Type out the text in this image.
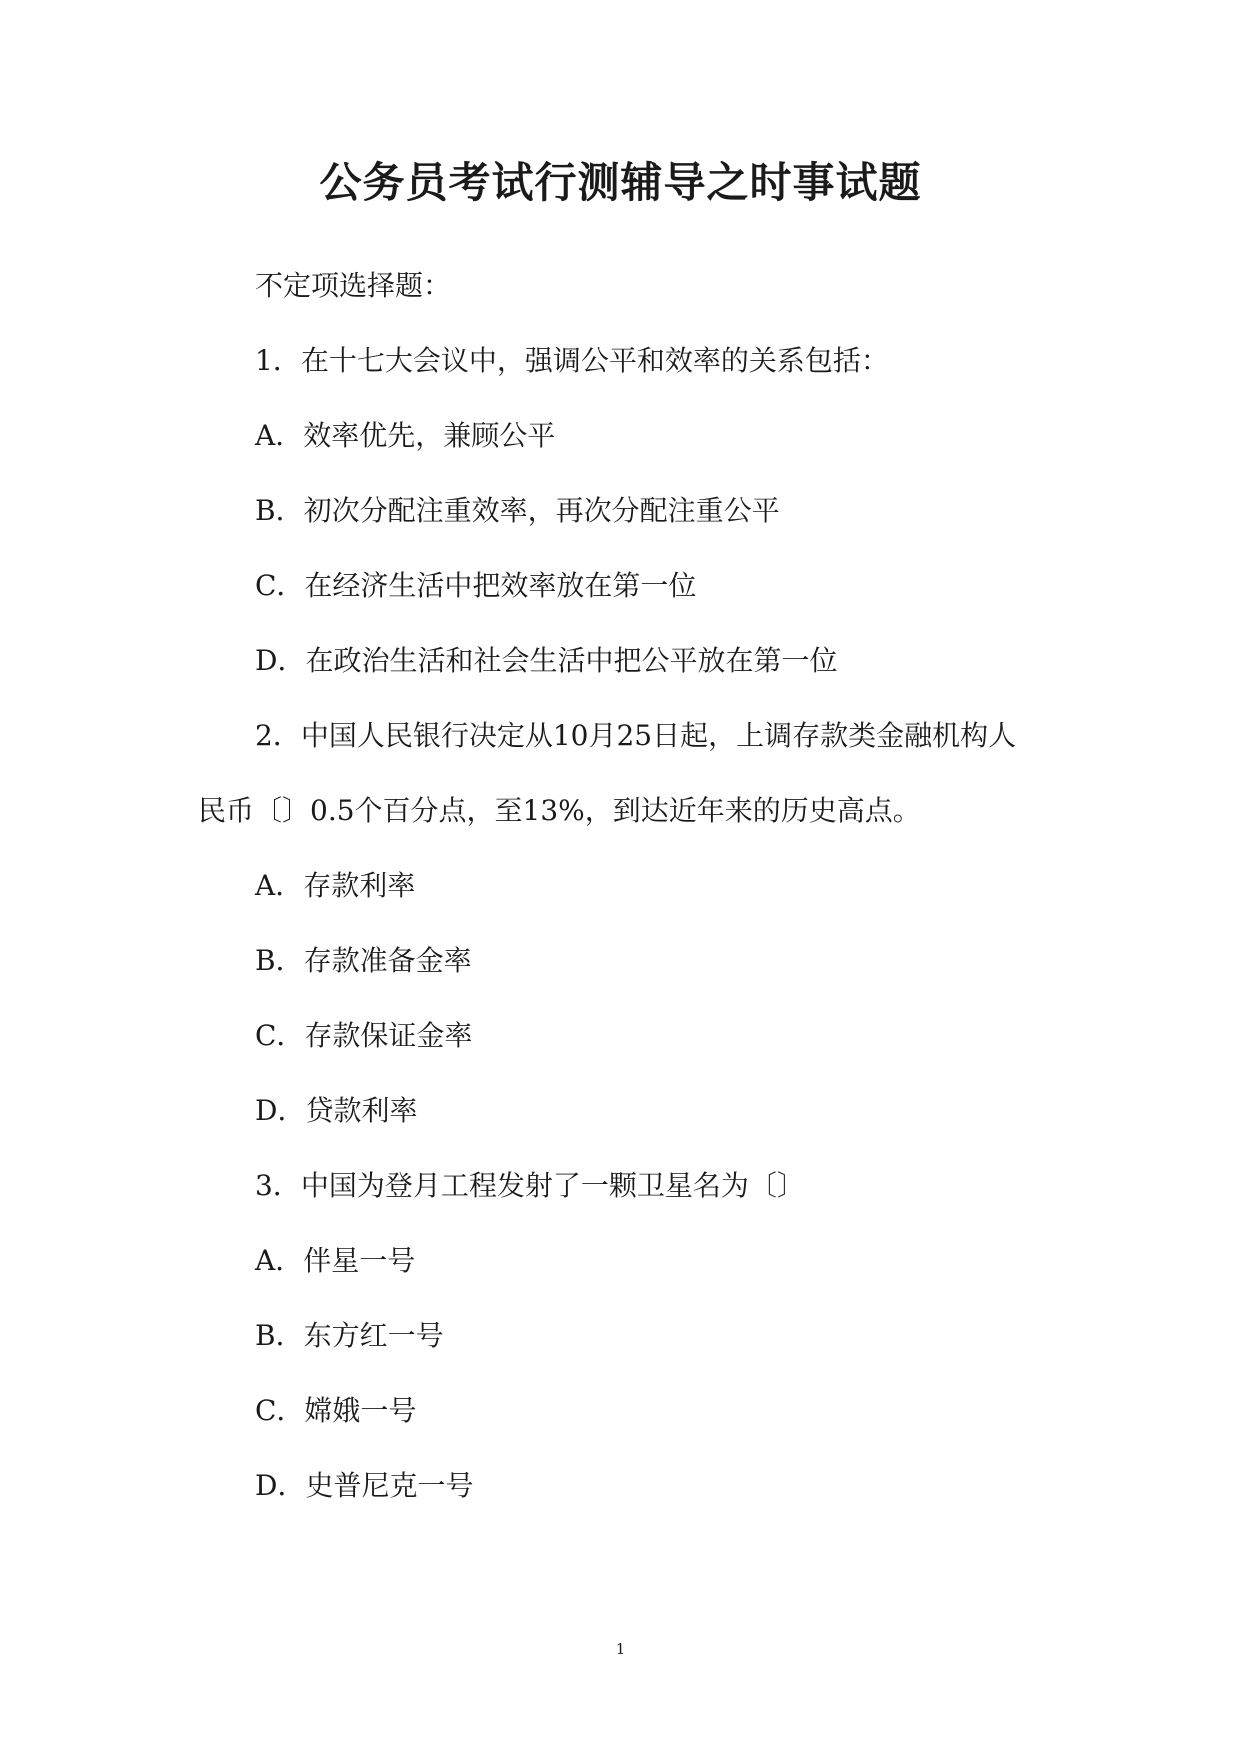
公务员考试行测辅导之时事试题

不定项选择题：

1．在十七大会议中，强调公平和效率的关系包括：

A．效率优先，兼顾公平

B．初次分配注重效率，再次分配注重公平

C．在经济生活中把效率放在第一位

D．在政治生活和社会生活中把公平放在第一位

2．中国人民银行决定从10月25日起，上调存款类金融机构人

民币〔〕0.5个百分点，至13%，到达近年来的历史高点。

A．存款利率

B．存款准备金率

C．存款保证金率

D．贷款利率

3．中国为登月工程发射了一颗卫星名为〔〕

A．伴星一号

B．东方红一号

C．嫦娥一号

D．史普尼克一号

1
